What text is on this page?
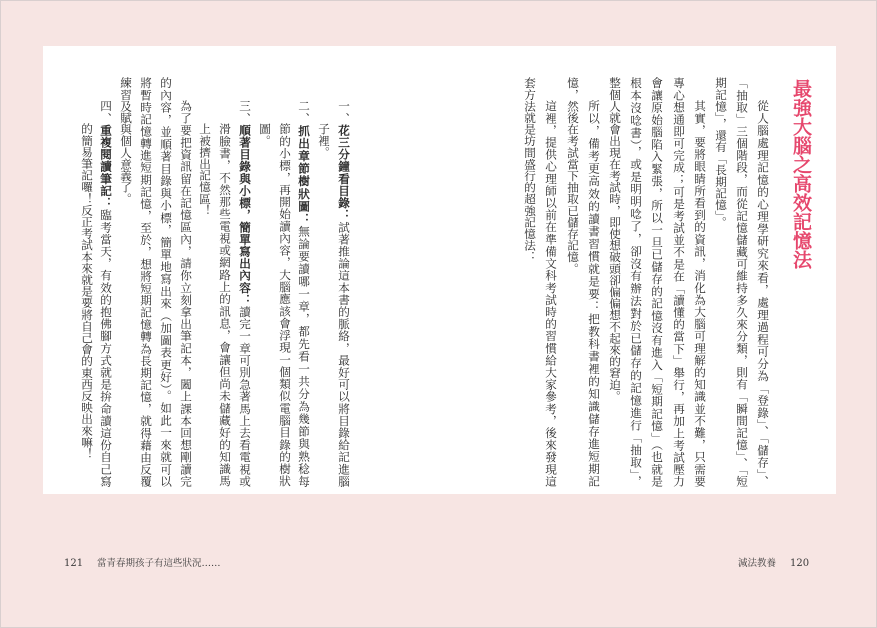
最強大腦之高效記憶法
從人腦處理記憶的心理學研究來看，處理過程可分為「登錄」、「儲存」、
「抽取」三個階段，而從記憶儲藏可維持多久來分類，則有「瞬間記憶」、「短
期記憶」，還有「長期記憶」。
其實，要將眼睛所看到的資訊，消化為大腦可理解的知識並不難，只需要
專心想通即可完成；可是考試並不是在「讀懂的當下」舉行，再加上考試壓力
會讓原始腦陷入緊張，所以一旦已儲存的記憶沒有進入「短期記憶」（也就是
根本沒唸書），或是明明唸了，卻沒有辦法對於已儲存的記憶進行「抽取」，
整個人就會出現在考試時，即使想破頭卻偏偏想不起來的窘迫。
所以，備考更高效的讀書習慣就是要：把教科書裡的知識儲存進短期記
憶，然後在考試當下抽取已儲存記憶。
這裡，提供心理師以前在準備文科考試時的習慣給大家參考，後來發現這
套方法就是坊間盛行的超強記憶法：
一、花三分鐘看目錄：試著推論這本書的脈絡，最好可以將目錄給記進腦
子裡。
二、抓出章節樹狀圖：無論要讀哪一章，都先看一共分為幾節與熟稔每
節的小標，再開始讀內容，大腦應該會浮現一個類似電腦目錄的樹狀
圖。
三、順著目錄與小標，簡單寫出內容：讀完一章可別急著馬上去看電視或
滑臉書，不然那些電視或網路上的訊息，會讓但尚未儲藏好的知識馬
上被擠出記憶區！
為了要把資訊留在記憶區內，請你立刻拿出筆記本，闔上課本回想剛讀完
的內容，並順著目錄與小標，簡單地寫出來（加圖表更好）。如此一來就可以
將暫時記憶轉進短期記憶，至於，想將短期記憶轉為長期記憶，就得藉由反覆
練習及賦與個人意義了。
四、重複閱讀筆記：臨考當天，有效的抱佛腳方式就是拚命讀這份自己寫
的簡易筆記囉！反正考試本來就是要將自己會的東西反映出來嘛！
121 當青春期孩子有這些狀況……	減法教養 120
